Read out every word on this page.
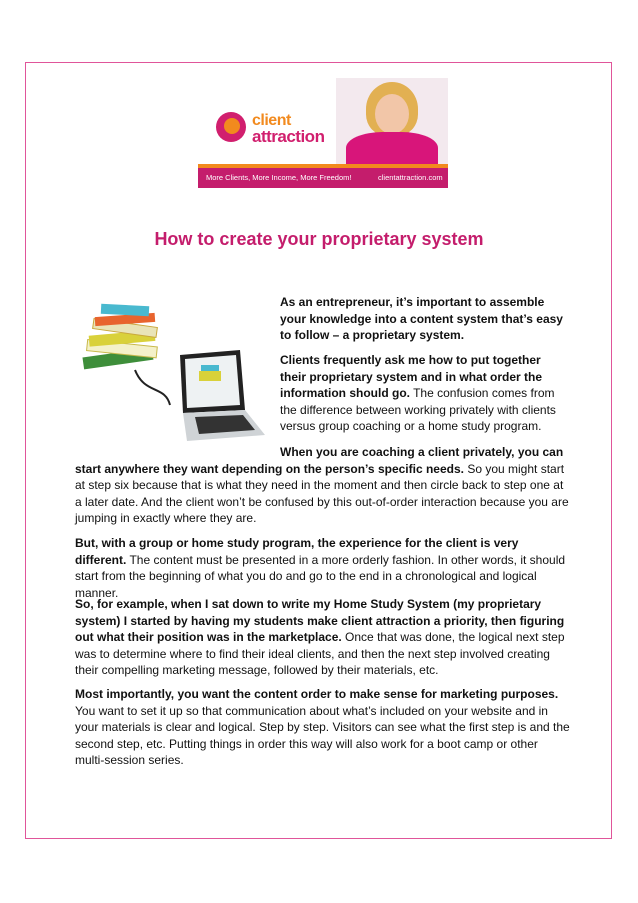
client
attraction
More Clients, More Income, More Freedom!	clientattraction.com
How to create your proprietary system

As an entrepreneur, it’s important to assemble your knowledge into a content system that’s easy to follow – a proprietary system.

Clients frequently ask me how to put together their proprietary system and in what order the information should go. The confusion comes from the difference between working privately with clients versus group coaching or a home study program.

When you are coaching a client privately, you can start anywhere they want depending on the person’s specific needs. So you might start at step six because that is what they need in the moment and then circle back to step one at a later date. And the client won’t be confused by this out-of-order interaction because you are jumping in exactly where they are.

But, with a group or home study program, the experience for the client is very different. The content must be presented in a more orderly fashion. In other words, it should start from the beginning of what you do and go to the end in a chronological and logical manner.

So, for example, when I sat down to write my Home Study System (my proprietary system) I started by having my students make client attraction a priority, then figuring out what their position was in the marketplace. Once that was done, the logical next step was to determine where to find their ideal clients, and then the next step involved creating their compelling marketing message, followed by their materials, etc.

Most importantly, you want the content order to make sense for marketing purposes. You want to set it up so that communication about what’s included on your website and in your materials is clear and logical. Step by step. Visitors can see what the first step is and the second step, etc. Putting things in order this way will also work for a boot camp or other multi-session series.
